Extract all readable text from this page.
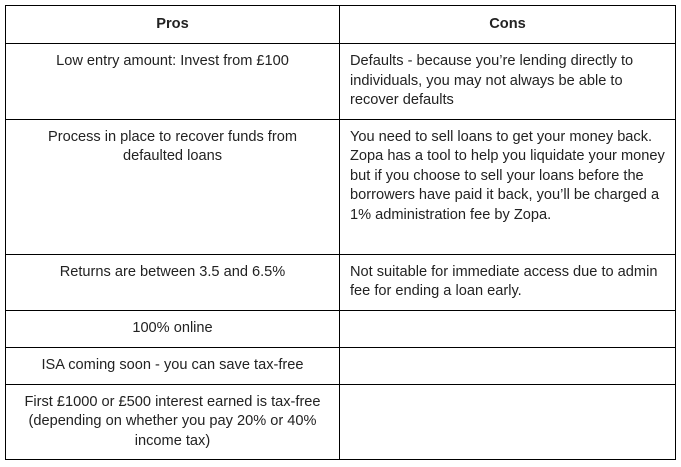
Pros	Cons
Low entry amount: Invest from £100	Defaults - because you’re lending directly to individuals, you may not always be able to recover defaults
Process in place to recover funds from defaulted loans	You need to sell loans to get your money back. Zopa has a tool to help you liquidate your money but if you choose to sell your loans before the borrowers have paid it back, you’ll be charged a 1% administration fee by Zopa.
Returns are between 3.5 and 6.5%	Not suitable for immediate access due to admin fee for ending a loan early.
100% online	
ISA coming soon - you can save tax-free	
First £1000 or £500 interest earned is tax-free (depending on whether you pay 20% or 40% income tax)	
